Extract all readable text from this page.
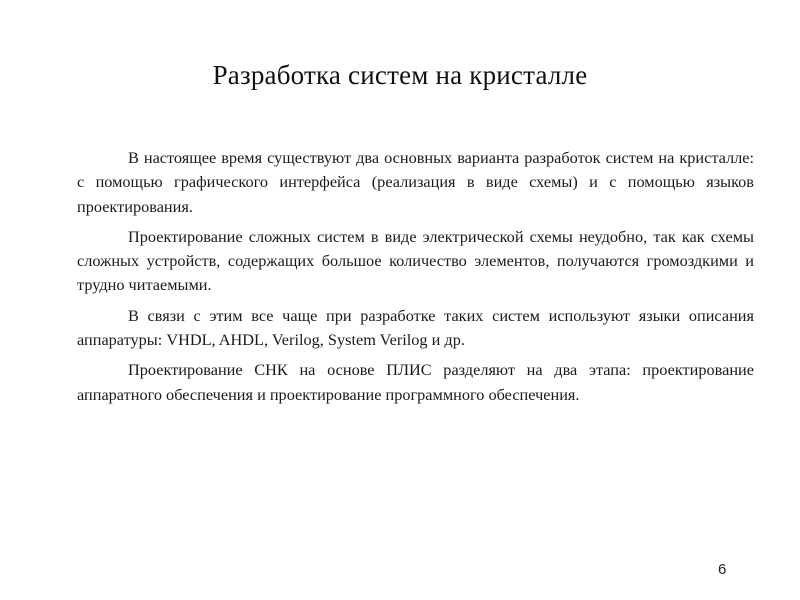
Разработка систем на кристалле

В настоящее время существуют два основных варианта разработок систем на кристалле: с помощью графического интерфейса (реализация в виде схемы) и с помощью языков проектирования.

Проектирование сложных систем в виде электрической схемы неудобно, так как схемы сложных устройств, содержащих большое количество элементов, получаются громоздкими и трудно читаемыми.

В связи с этим все чаще при разработке таких систем используют языки описания аппаратуры: VHDL, AHDL, Verilog, System Verilog и др.

Проектирование СНК на основе ПЛИС разделяют на два этапа: проектирование аппаратного обеспечения и проектирование программного обеспечения.

6
